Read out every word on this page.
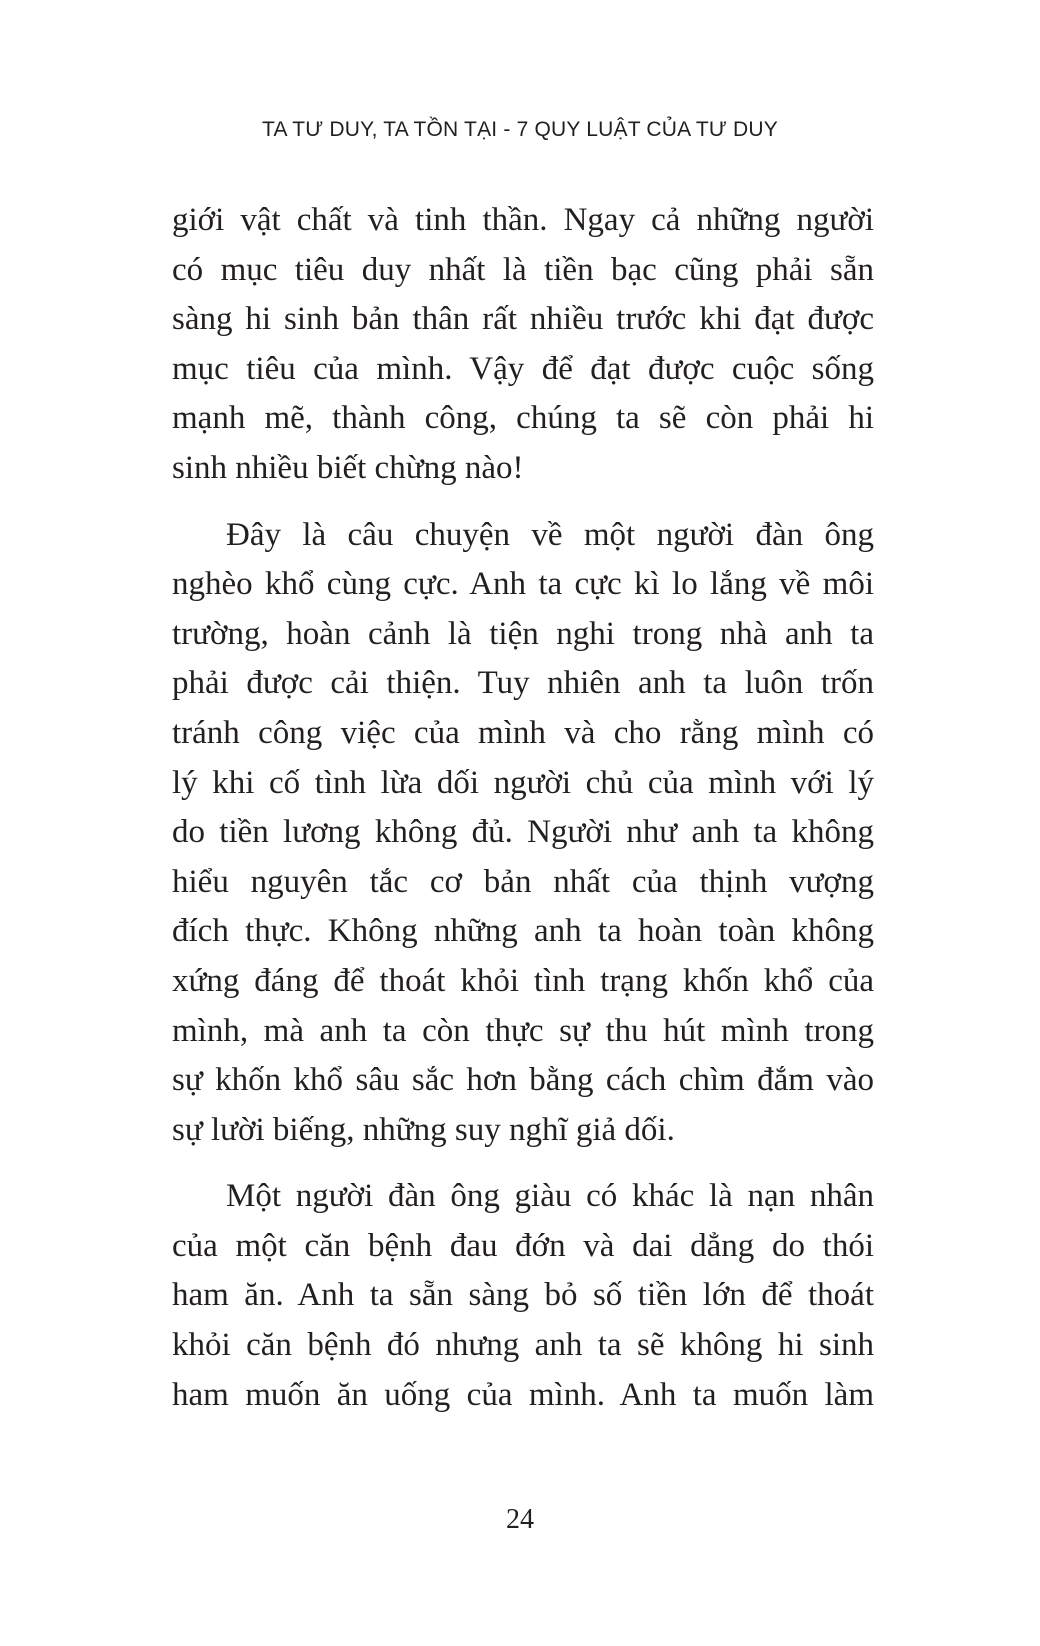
TA TƯ DUY, TA TỒN TẠI - 7 QUY LUẬT CỦA TƯ DUY
giới vật chất và tinh thần. Ngay cả những người
có mục tiêu duy nhất là tiền bạc cũng phải sẵn
sàng hi sinh bản thân rất nhiều trước khi đạt được
mục tiêu của mình. Vậy để đạt được cuộc sống
mạnh mẽ, thành công, chúng ta sẽ còn phải hi
sinh nhiều biết chừng nào!
Đây là câu chuyện về một người đàn ông
nghèo khổ cùng cực. Anh ta cực kì lo lắng về môi
trường, hoàn cảnh là tiện nghi trong nhà anh ta
phải được cải thiện. Tuy nhiên anh ta luôn trốn
tránh công việc của mình và cho rằng mình có
lý khi cố tình lừa dối người chủ của mình với lý
do tiền lương không đủ. Người như anh ta không
hiểu nguyên tắc cơ bản nhất của thịnh vượng
đích thực. Không những anh ta hoàn toàn không
xứng đáng để thoát khỏi tình trạng khốn khổ của
mình, mà anh ta còn thực sự thu hút mình trong
sự khốn khổ sâu sắc hơn bằng cách chìm đắm vào
sự lười biếng, những suy nghĩ giả dối.
Một người đàn ông giàu có khác là nạn nhân
của một căn bệnh đau đớn và dai dẳng do thói
ham ăn. Anh ta sẵn sàng bỏ số tiền lớn để thoát
khỏi căn bệnh đó nhưng anh ta sẽ không hi sinh
ham muốn ăn uống của mình. Anh ta muốn làm
24
